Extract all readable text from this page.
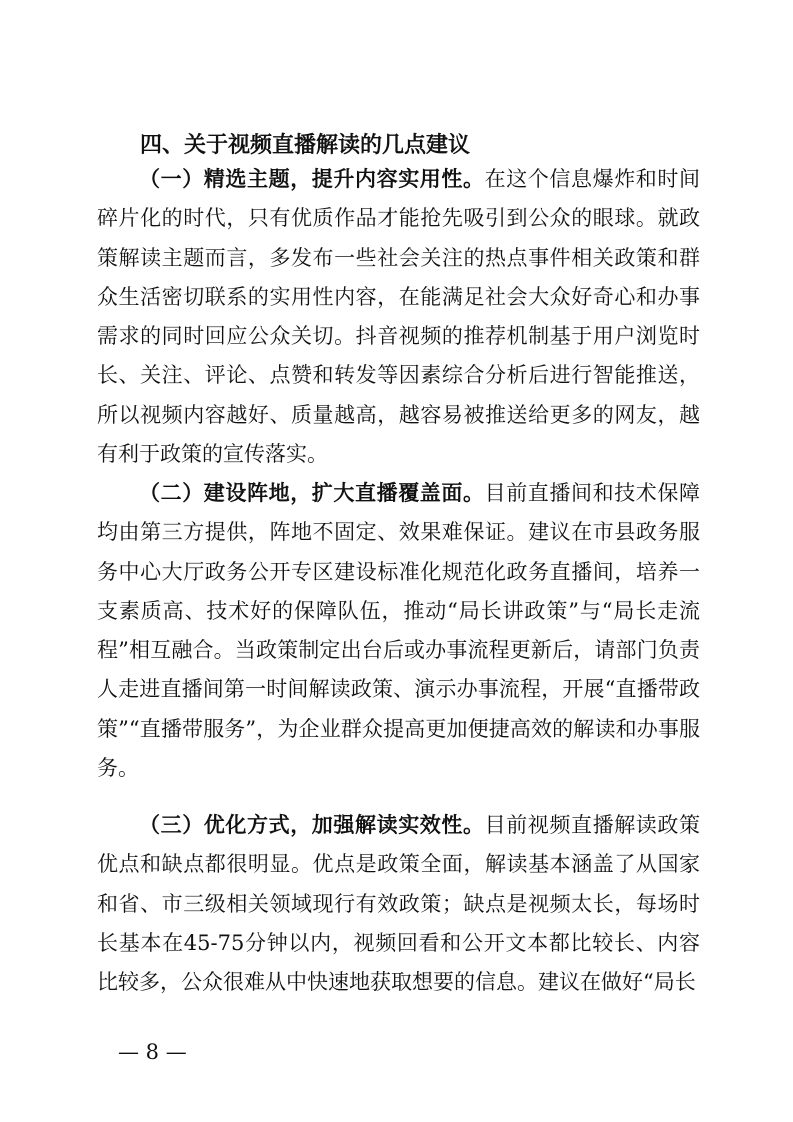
四、关于视频直播解读的几点建议

（一）精选主题，提升内容实用性。在这个信息爆炸和时间碎片化的时代，只有优质作品才能抢先吸引到公众的眼球。就政策解读主题而言，多发布一些社会关注的热点事件相关政策和群众生活密切联系的实用性内容，在能满足社会大众好奇心和办事需求的同时回应公众关切。抖音视频的推荐机制基于用户浏览时长、关注、评论、点赞和转发等因素综合分析后进行智能推送，所以视频内容越好、质量越高，越容易被推送给更多的网友，越有利于政策的宣传落实。

（二）建设阵地，扩大直播覆盖面。目前直播间和技术保障均由第三方提供，阵地不固定、效果难保证。建议在市县政务服务中心大厅政务公开专区建设标准化规范化政务直播间，培养一支素质高、技术好的保障队伍，推动“局长讲政策”与“局长走流程”相互融合。当政策制定出台后或办事流程更新后，请部门负责人走进直播间第一时间解读政策、演示办事流程，开展“直播带政策”“直播带服务”，为企业群众提高更加便捷高效的解读和办事服务。

（三）优化方式，加强解读实效性。目前视频直播解读政策优点和缺点都很明显。优点是政策全面，解读基本涵盖了从国家和省、市三级相关领域现行有效政策；缺点是视频太长，每场时长基本在45-75分钟以内，视频回看和公开文本都比较长、内容比较多，公众很难从中快速地获取想要的信息。建议在做好“局长

— 8 —
